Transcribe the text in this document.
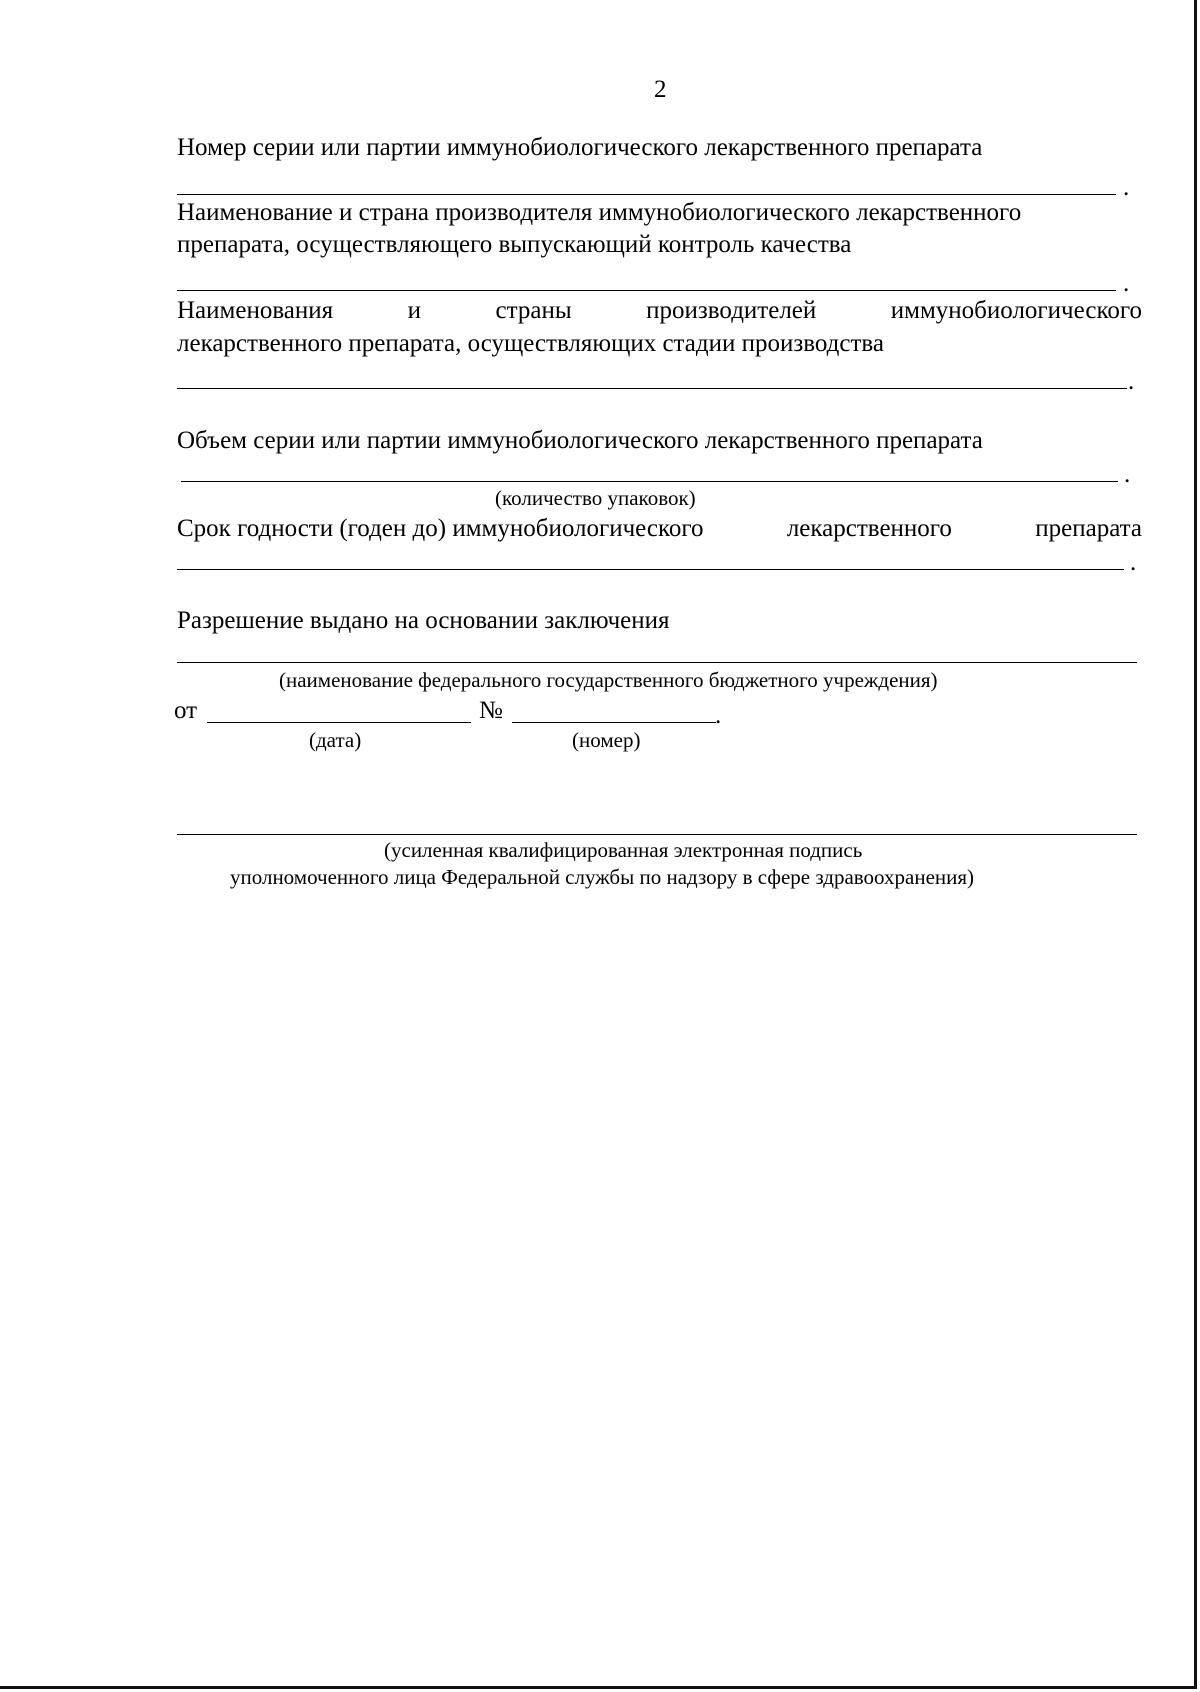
2
Номер серии или партии иммунобиологического лекарственного препарата
.
Наименование и страна производителя иммунобиологического лекарственного
препарата, осуществляющего выпускающий контроль качества
.
Наименования	и	страны	производителей	иммунобиологического
лекарственного препарата, осуществляющих стадии производства
.
Объем серии или партии иммунобиологического лекарственного препарата
.
(количество упаковок)
Срок годности (годен до) иммунобиологического	лекарственного	препарата
.
Разрешение выдано на основании заключения
(наименование федерального государственного бюджетного учреждения)
от	№	.
(дата)	(номер)
(усиленная квалифицированная электронная подпись
уполномоченного лица Федеральной службы по надзору в сфере здравоохранения)
